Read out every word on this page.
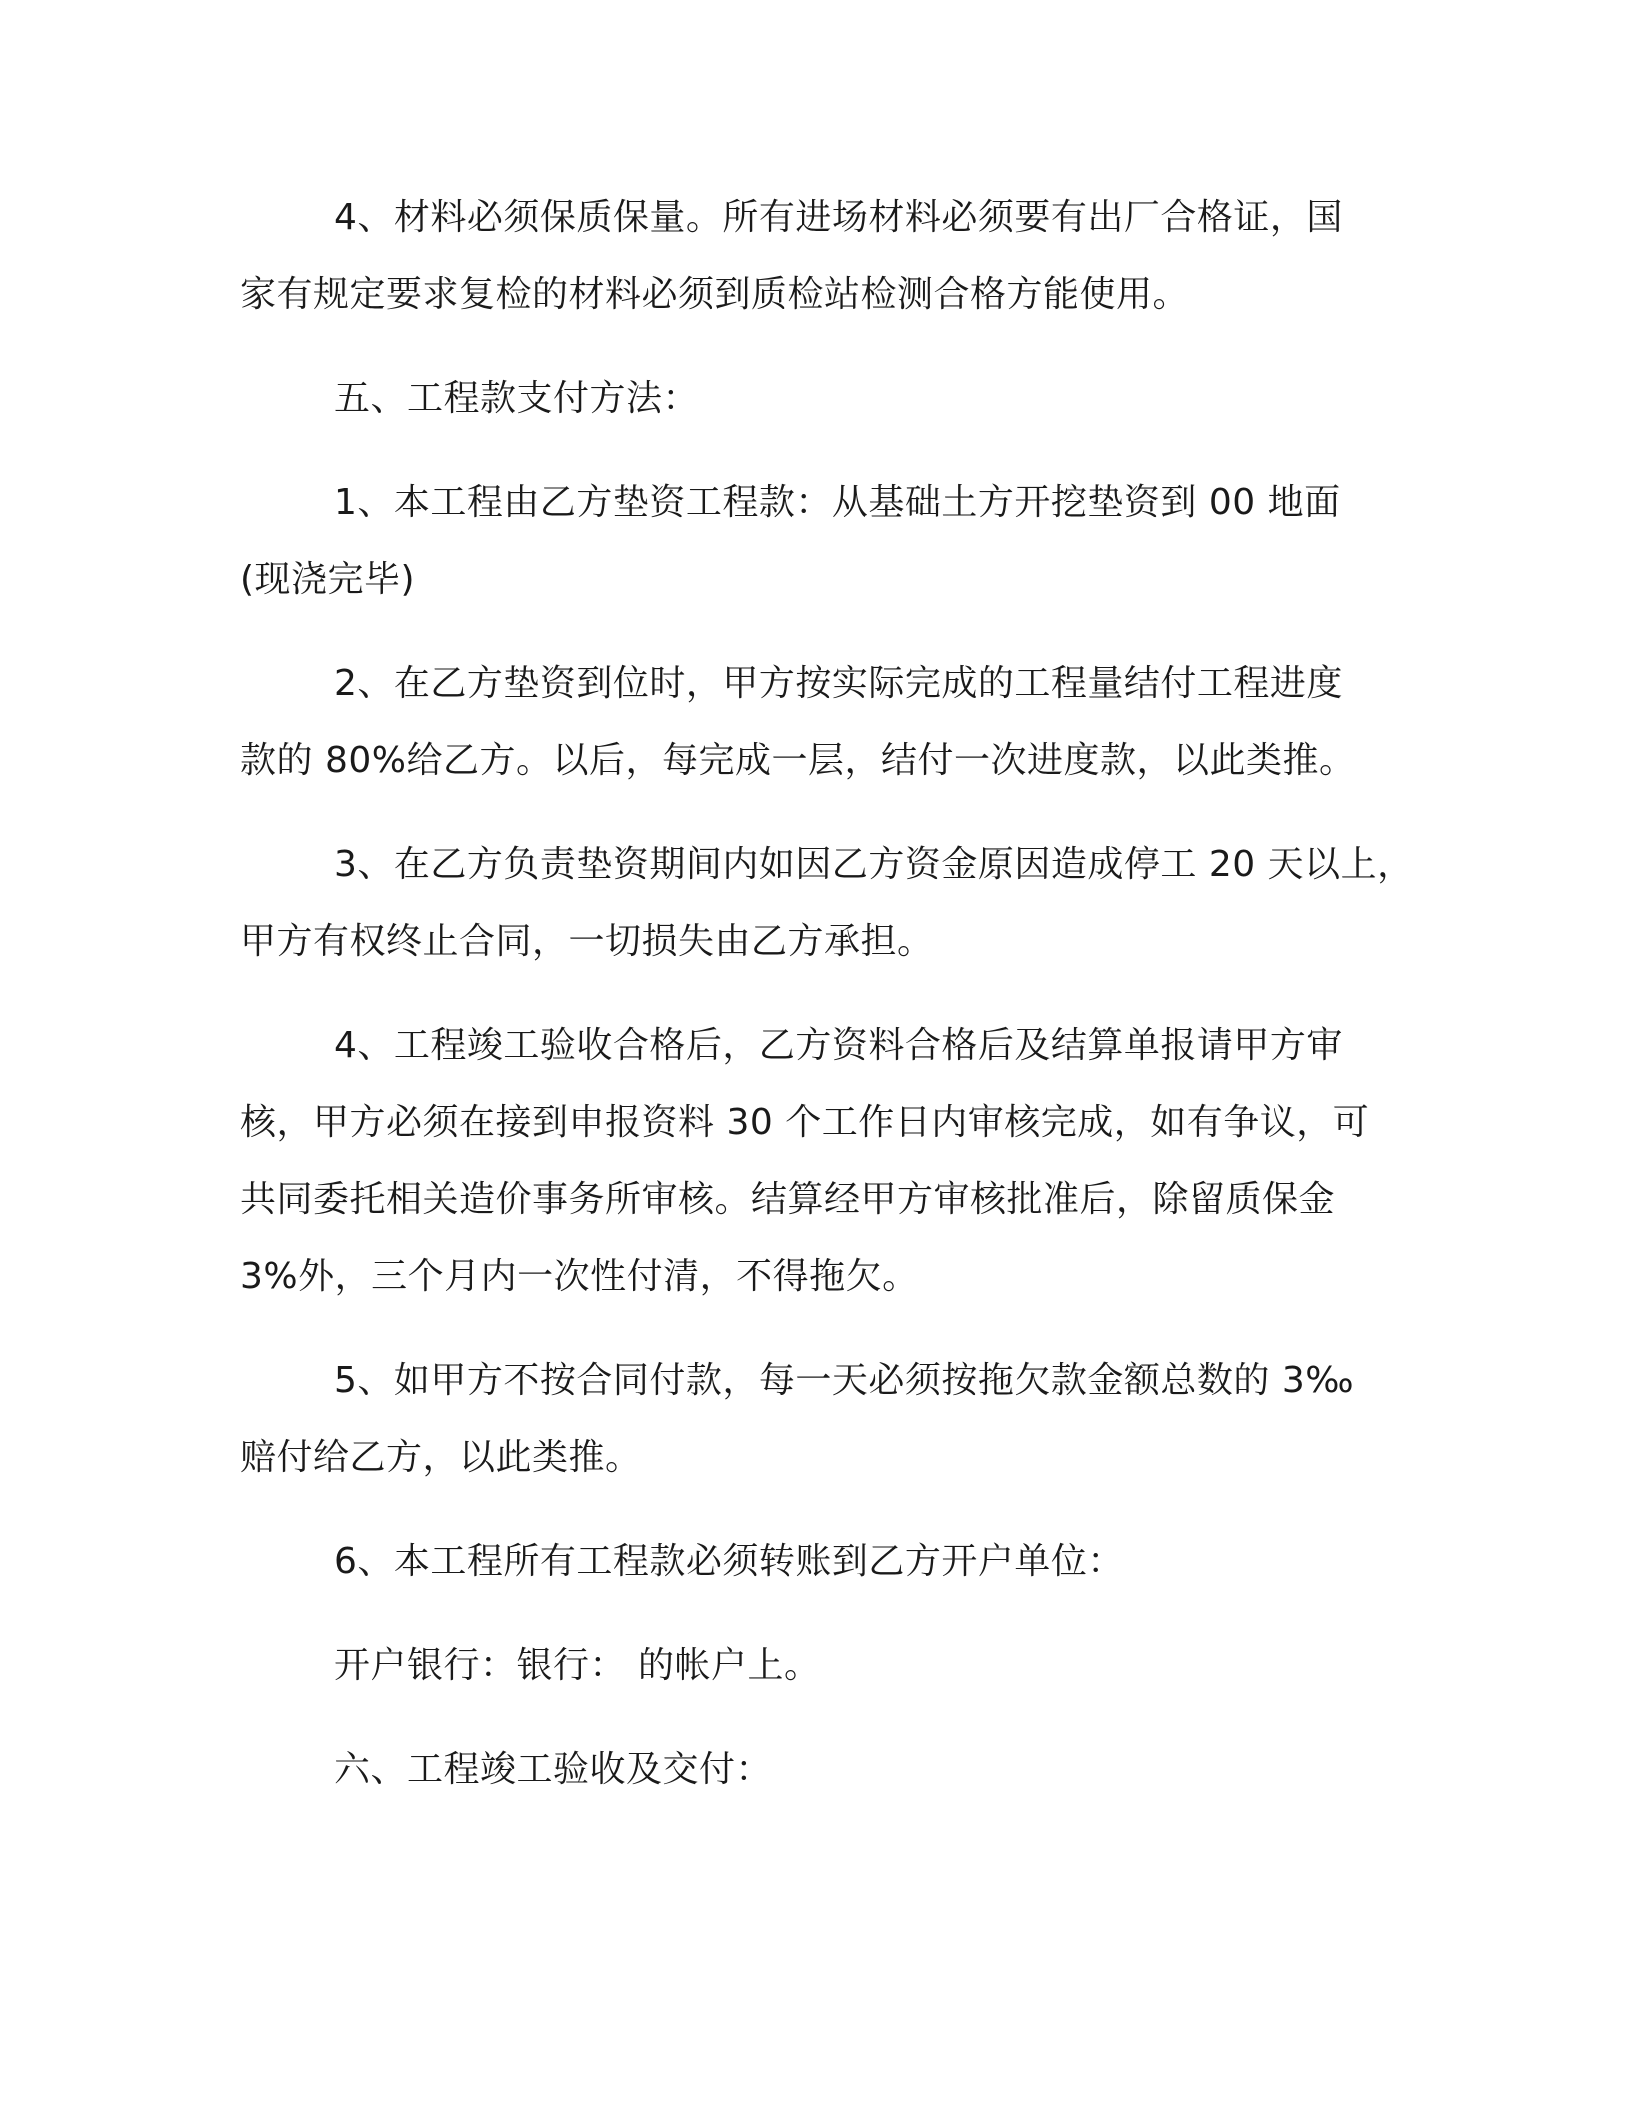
4、材料必须保质保量。所有进场材料必须要有出厂合格证，国
家有规定要求复检的材料必须到质检站检测合格方能使用。
五、工程款支付方法：
1、本工程由乙方垫资工程款：从基础土方开挖垫资到 00 地面
(现浇完毕)
2、在乙方垫资到位时，甲方按实际完成的工程量结付工程进度
款的 80%给乙方。以后，每完成一层，结付一次进度款，以此类推。
3、在乙方负责垫资期间内如因乙方资金原因造成停工 20 天以上，
甲方有权终止合同，一切损失由乙方承担。
4、工程竣工验收合格后，乙方资料合格后及结算单报请甲方审
核，甲方必须在接到申报资料 30 个工作日内审核完成，如有争议，可
共同委托相关造价事务所审核。结算经甲方审核批准后，除留质保金
3%外，三个月内一次性付清，不得拖欠。
5、如甲方不按合同付款，每一天必须按拖欠款金额总数的 3‰
赔付给乙方，以此类推。
6、本工程所有工程款必须转账到乙方开户单位：
开户银行：银行： 的帐户上。
六、工程竣工验收及交付：
